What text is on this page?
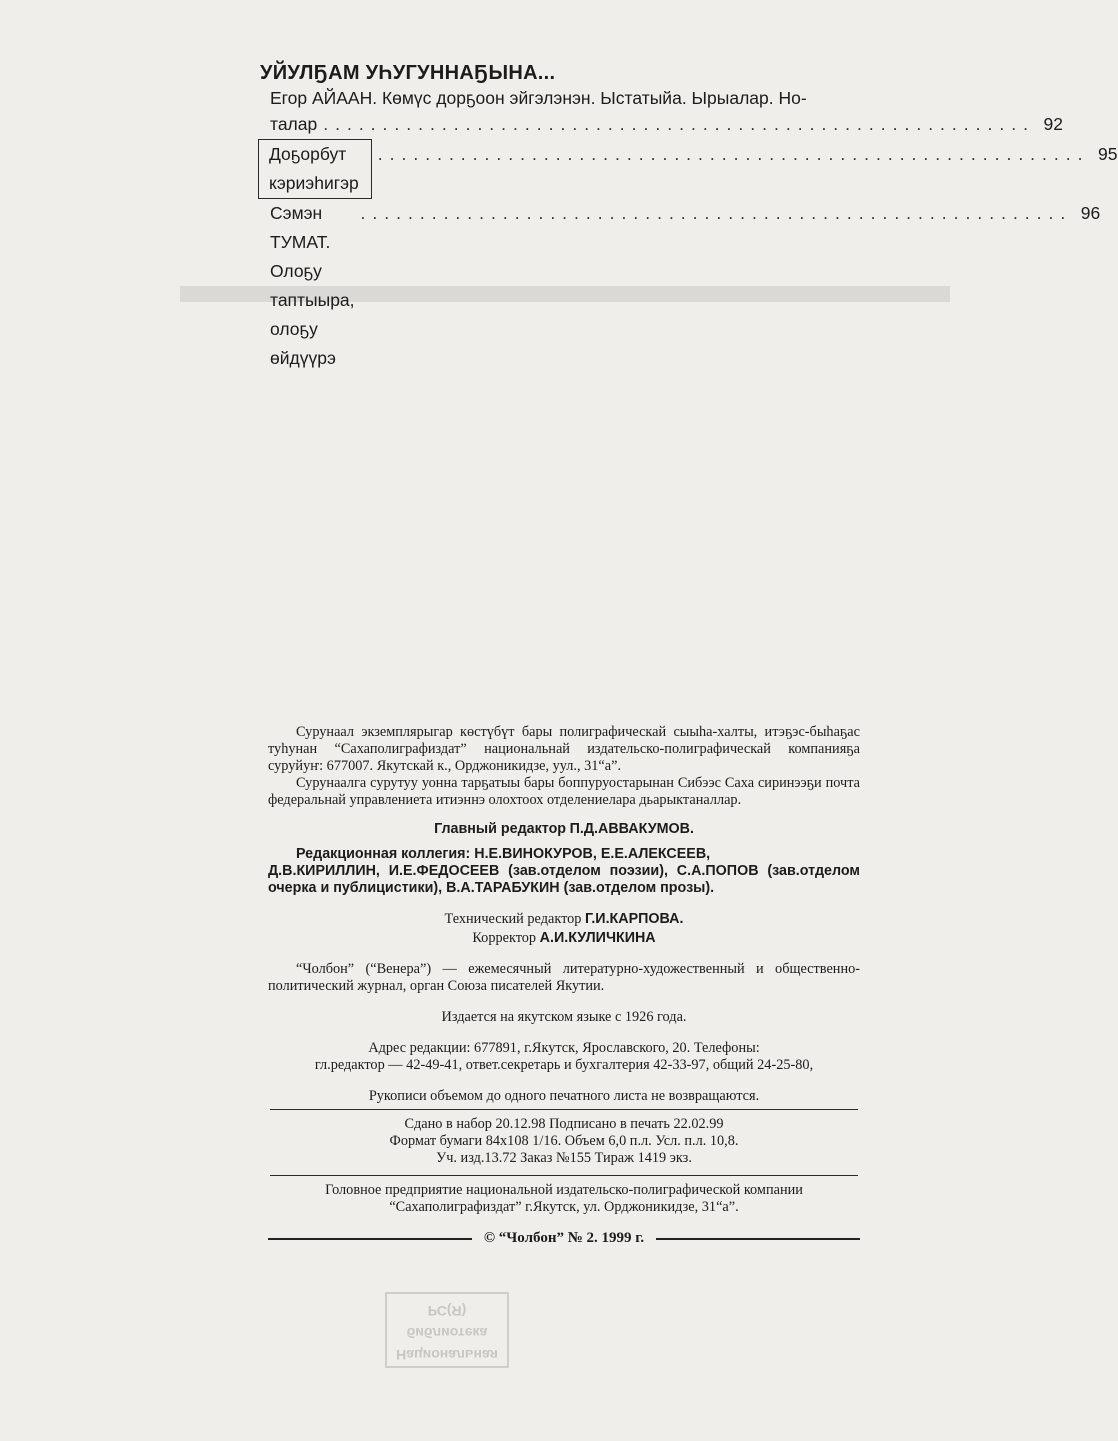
УЙУЛҔАМ УҺУГУННАҔЫНА...
Егор АЙААН. Көмүс дорҕоон эйгэлэнэн. Ыстатыйа. Ырыалар. Но-
талар ............................................................ 92
Доҕорбут кэриэһигэр
............................................................ 95
Сэмэн ТУМАТ. Олоҕу таптыыра, олоҕу өйдүүрэ
............................................................ 96

Сурунаал экземплярыгар көстүбүт бары полиграфическай сыыһа-халты, итэҕэс-быһаҕас туһунан “Сахаполиграфиздат” национальнай издательско-полиграфическай компанияҕа суруйуҥ: 677007. Якутскай к., Орджоникидзе, уул., 31“а”.

Сурунаалга сурутуу уонна тарҕатыы бары боппуруостарынан Сибээс Саха сиринээҕи почта федеральнай управлениета итиэннэ олохтоох отделениелара дьарыктаналлар.

Главный редактор П.Д.АВВАКУМОВ.

Редакционная коллегия: Н.Е.ВИНОКУРОВ, Е.Е.АЛЕКСЕЕВ,

Д.В.КИРИЛЛИН, И.Е.ФЕДОСЕЕВ (зав.отделом поэзии), С.А.ПОПОВ (зав.отделом очерка и публицистики), В.А.ТАРАБУКИН (зав.отделом прозы).

Технический редактор Г.И.КАРПОВА.

Корректор А.И.КУЛИЧКИНА

“Чолбон” (“Венера”) — ежемесячный литературно-художественный и общественно-политический журнал, орган Союза писателей Якутии.

Издается на якутском языке с 1926 года.

Адрес редакции: 677891, г.Якутск, Ярославского, 20. Телефоны:

гл.редактор — 42-49-41, ответ.секретарь и бухгалтерия 42-33-97, общий 24-25-80,

Рукописи объемом до одного печатного листа не возвращаются.

Сдано в набор 20.12.98 Подписано в печать 22.02.99

Формат бумаги 84х108 1/16. Объем 6,0 п.л. Усл. п.л. 10,8.

Уч. изд.13.72 Заказ №155 Тираж 1419 экз.

Головное предприятие национальной издательско-полиграфической компании

“Сахаполиграфиздат” г.Якутск, ул. Орджоникидзе, 31“а”.

© “Чолбон” № 2. 1999 г.
Национальная
библиотека
РС(Я)
